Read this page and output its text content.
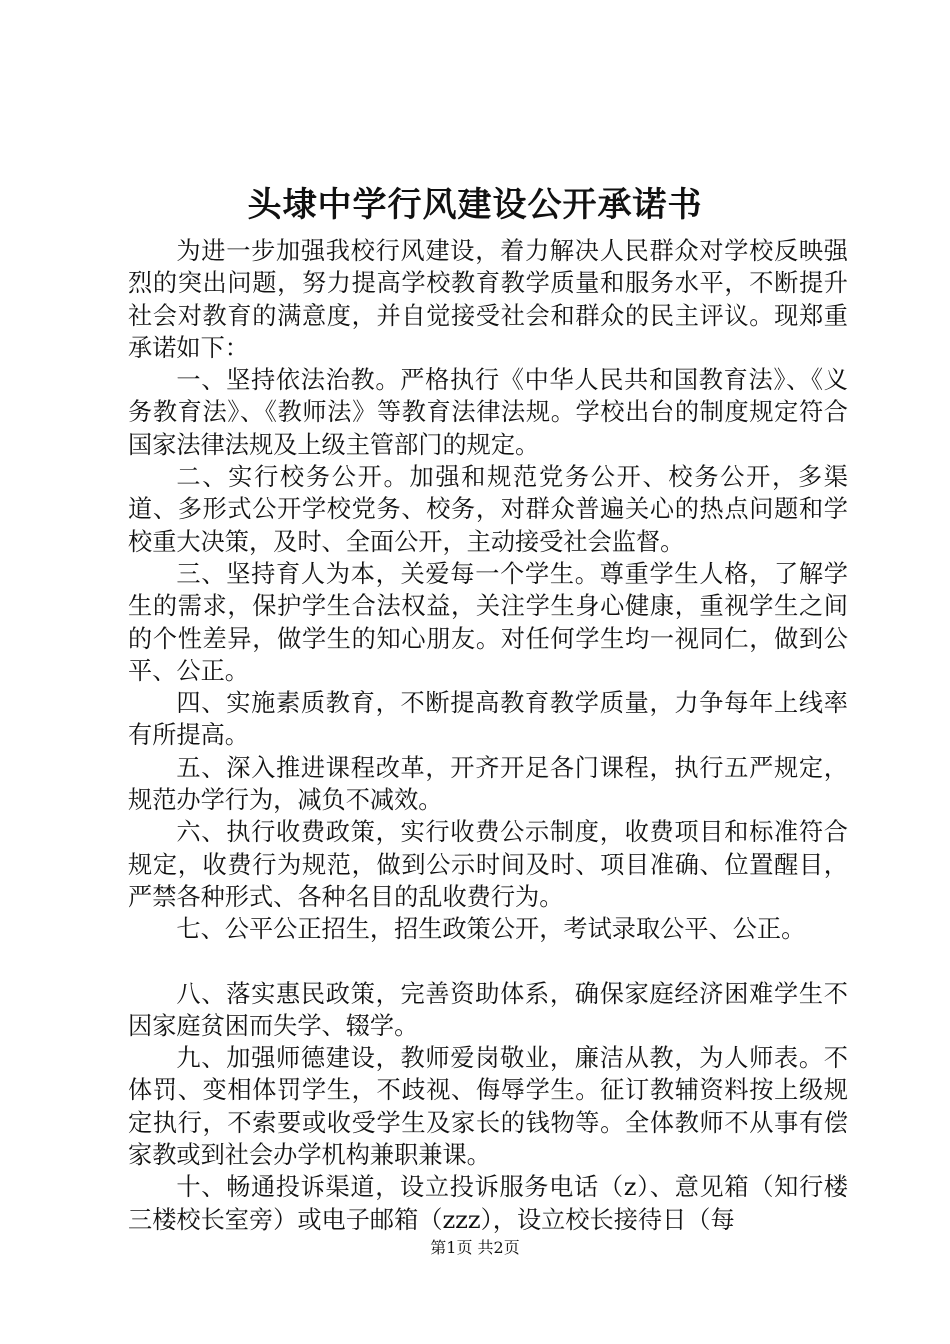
头埭中学行风建设公开承诺书

为进一步加强我校行风建设，着力解决人民群众对学校反映强烈的突出问题，努力提高学校教育教学质量和服务水平，不断提升社会对教育的满意度，并自觉接受社会和群众的民主评议。现郑重承诺如下：

一、坚持依法治教。严格执行《中华人民共和国教育法》、《义务教育法》、《教师法》等教育法律法规。学校出台的制度规定符合国家法律法规及上级主管部门的规定。

二、实行校务公开。加强和规范党务公开、校务公开，多渠道、多形式公开学校党务、校务，对群众普遍关心的热点问题和学校重大决策，及时、全面公开，主动接受社会监督。

三、坚持育人为本，关爱每一个学生。尊重学生人格，了解学生的需求，保护学生合法权益，关注学生身心健康，重视学生之间的个性差异，做学生的知心朋友。对任何学生均一视同仁，做到公平、公正。

四、实施素质教育，不断提高教育教学质量，力争每年上线率有所提高。

五、深入推进课程改革，开齐开足各门课程，执行五严规定，规范办学行为，减负不减效。

六、执行收费政策，实行收费公示制度，收费项目和标准符合规定，收费行为规范，做到公示时间及时、项目准确、位置醒目，严禁各种形式、各种名目的乱收费行为。

七、公平公正招生，招生政策公开，考试录取公平、公正。

八、落实惠民政策，完善资助体系，确保家庭经济困难学生不因家庭贫困而失学、辍学。

九、加强师德建设，教师爱岗敬业，廉洁从教，为人师表。不体罚、变相体罚学生，不歧视、侮辱学生。征订教辅资料按上级规定执行，不索要或收受学生及家长的钱物等。全体教师不从事有偿家教或到社会办学机构兼职兼课。

十、畅通投诉渠道，设立投诉服务电话（z）、意见箱（知行楼三楼校长室旁）或电子邮箱（zzz），设立校长接待日（每

第1页 共2页
